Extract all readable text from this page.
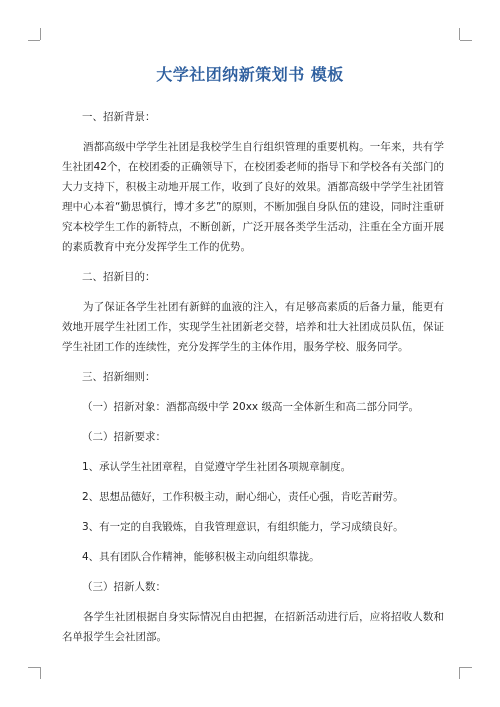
大学社团纳新策划书 模板

一、招新背景：

酒都高级中学学生社团是我校学生自行组织管理的重要机构。一年来，共有学生社团42个，在校团委的正确领导下，在校团委老师的指导下和学校各有关部门的大力支持下，积极主动地开展工作，收到了良好的效果。酒都高级中学学生社团管理中心本着“勤思慎行，博才多艺”的原则，不断加强自身队伍的建设，同时注重研究本校学生工作的新特点，不断创新，广泛开展各类学生活动，注重在全方面开展的素质教育中充分发挥学生工作的优势。

二、招新目的：

为了保证各学生社团有新鲜的血液的注入，有足够高素质的后备力量，能更有效地开展学生社团工作，实现学生社团新老交替，培养和壮大社团成员队伍，保证学生社团工作的连续性，充分发挥学生的主体作用，服务学校、服务同学。

三、招新细则：

（一）招新对象：酒都高级中学 20xx 级高一全体新生和高二部分同学。

（二）招新要求：

1、承认学生社团章程，自觉遵守学生社团各项规章制度。

2、思想品德好，工作积极主动，耐心细心，责任心强，肯吃苦耐劳。

3、有一定的自我锻炼，自我管理意识，有组织能力，学习成绩良好。

4、具有团队合作精神，能够积极主动向组织靠拢。

（三）招新人数：

各学生社团根据自身实际情况自由把握，在招新活动进行后，应将招收人数和名单报学生会社团部。
